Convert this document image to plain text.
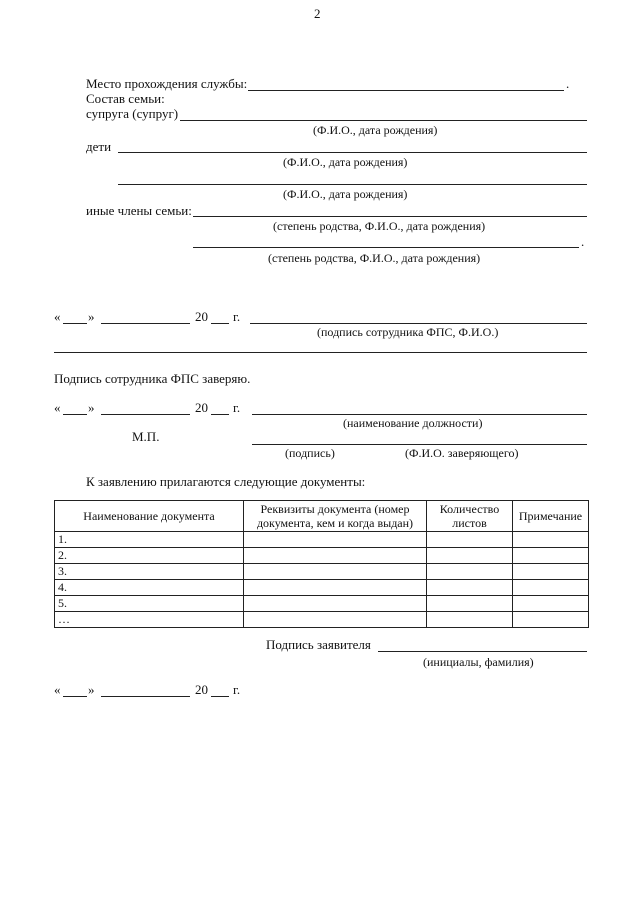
2
Место прохождения службы:	.
Состав семьи:
супруга (супруг)
(Ф.И.О., дата рождения)
дети
(Ф.И.О., дата рождения)
(Ф.И.О., дата рождения)
иные члены семьи:
(степень родства, Ф.И.О., дата рождения)
.
(степень родства, Ф.И.О., дата рождения)
« »	20 г.
(подпись сотрудника ФПС, Ф.И.О.)
Подпись сотрудника ФПС заверяю.
« »	20 г.
(наименование должности)
М.П.
(подпись)	(Ф.И.О. заверяющего)
К заявлению прилагаются следующие документы:
Наименование документа	Реквизиты документа (номер документа, кем и когда выдан)	Количество листов	Примечание
1.			
2.			
3.			
4.			
5.			
…			
Подпись заявителя
(инициалы, фамилия)
« »	20 г.
